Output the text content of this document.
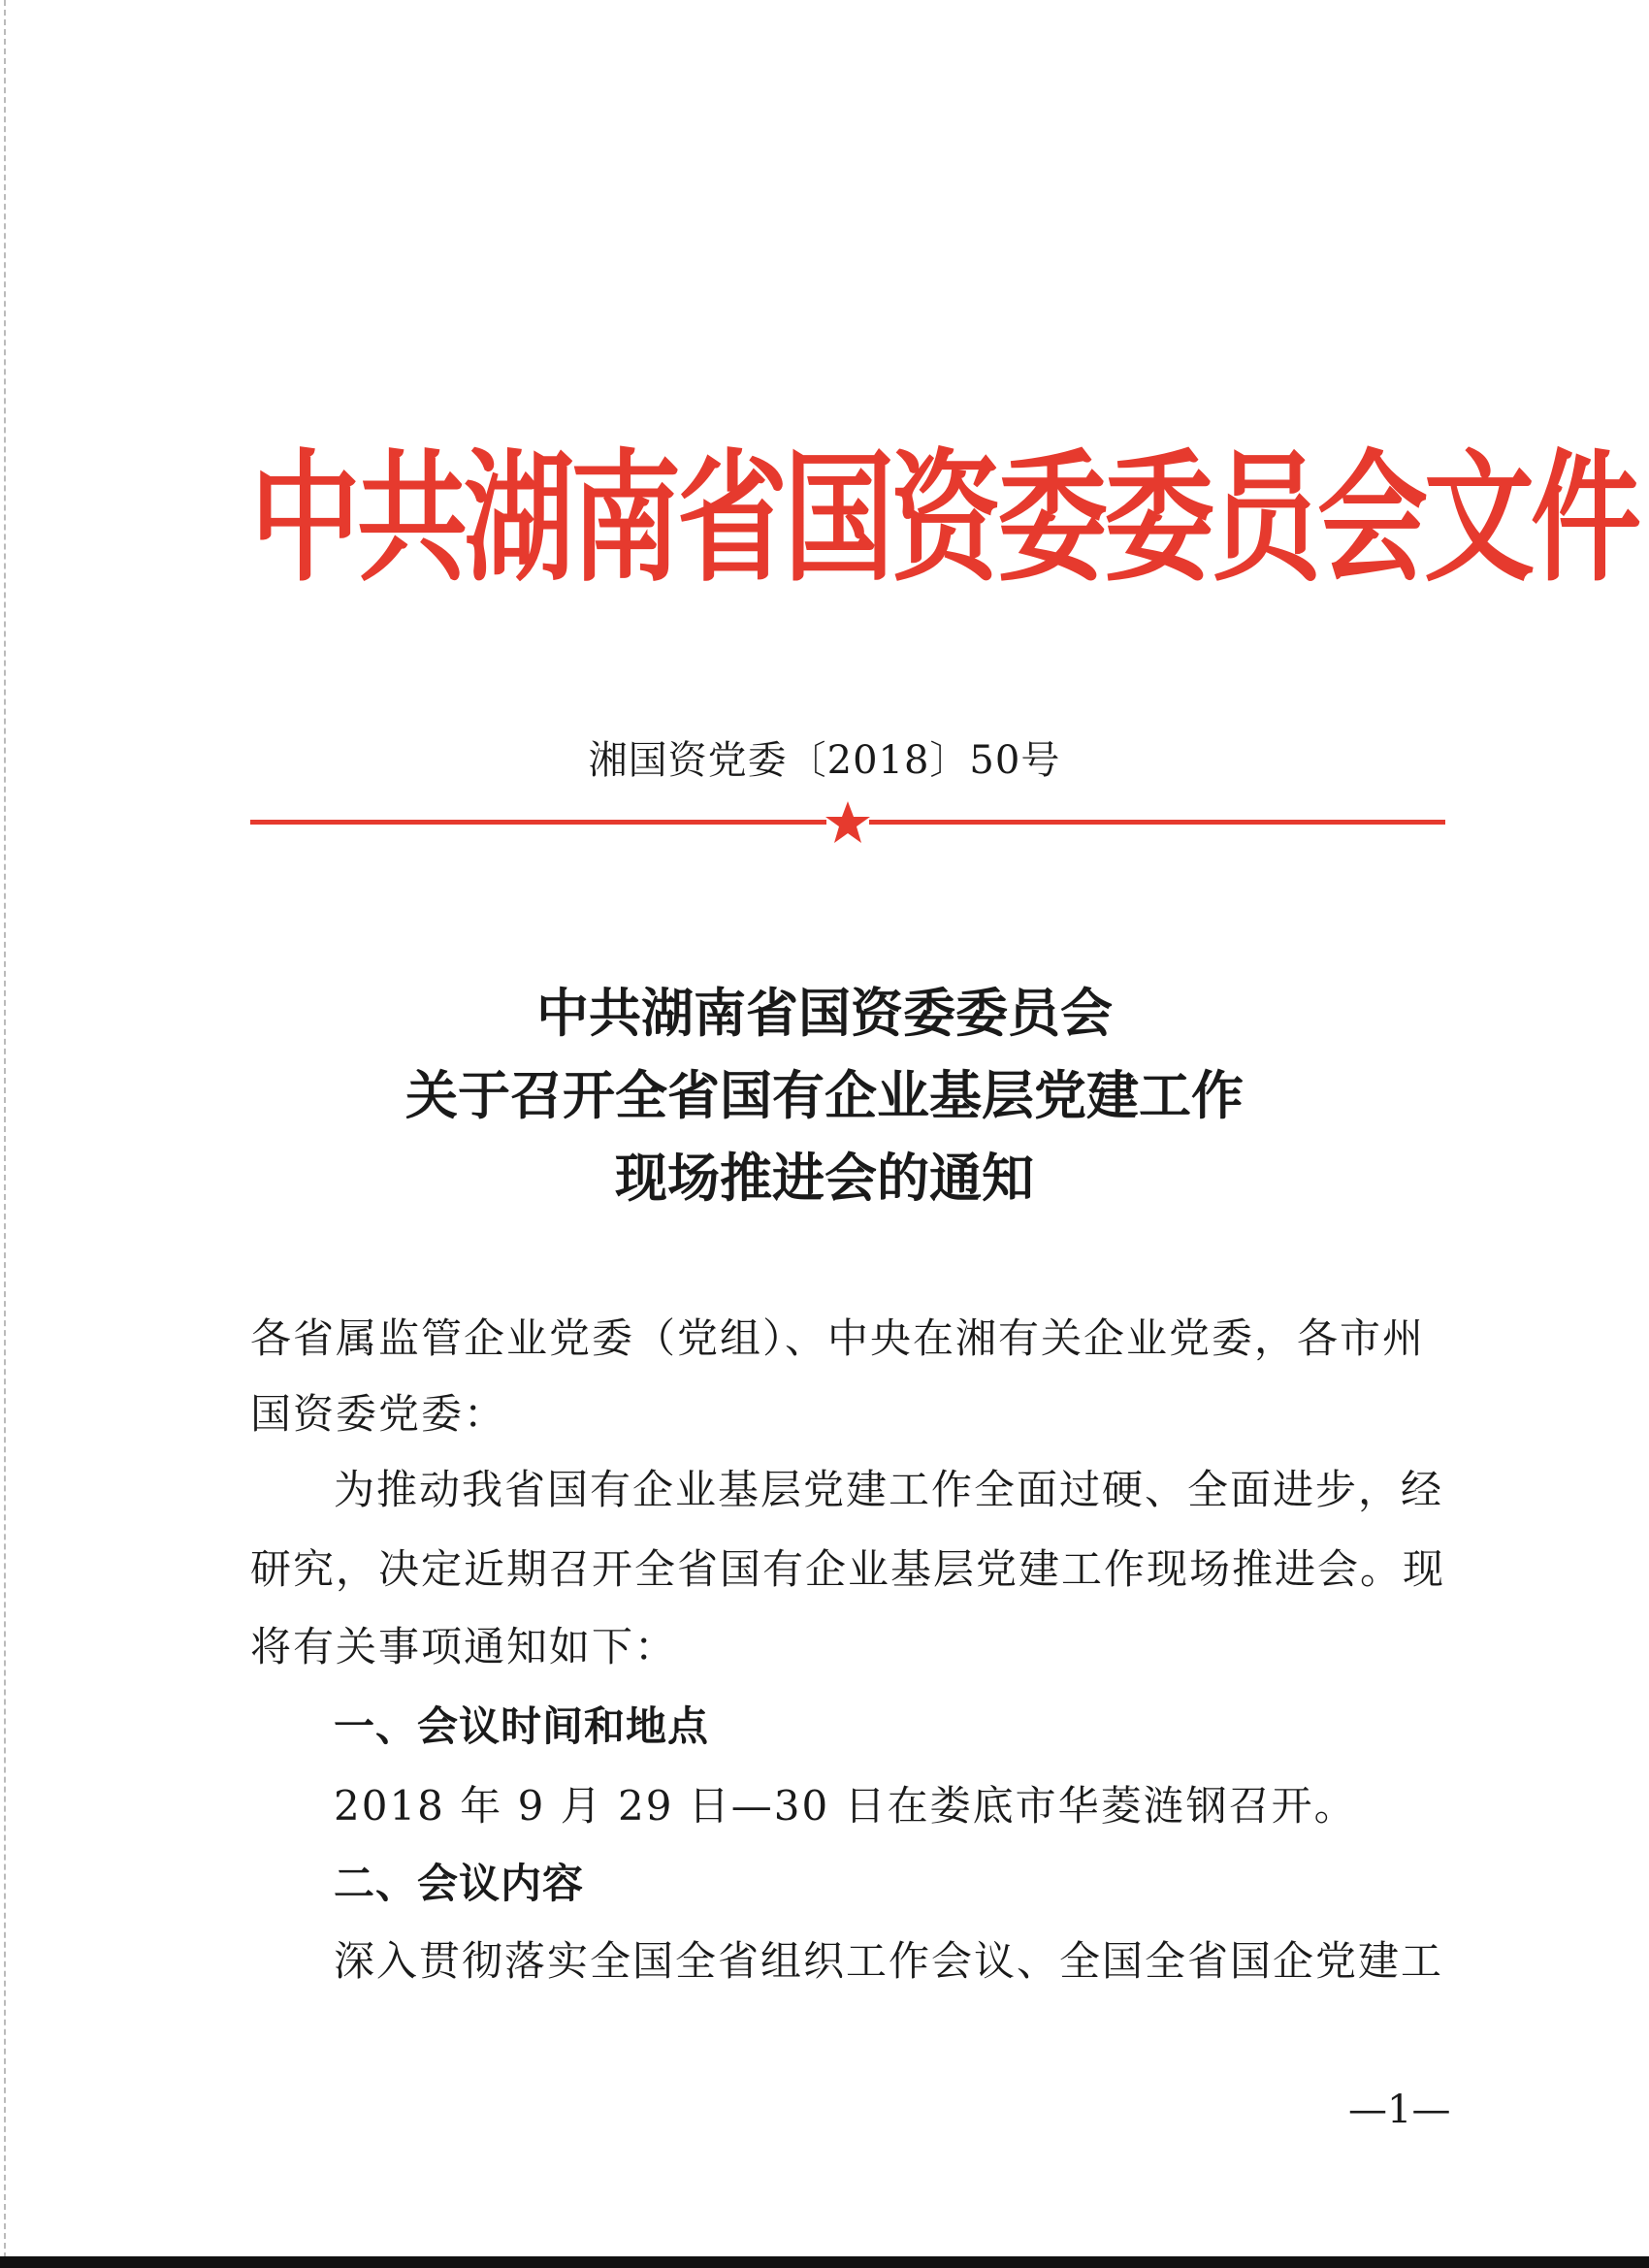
中共湖南省国资委委员会文件
湘国资党委〔2018〕50号
中共湖南省国资委委员会
关于召开全省国有企业基层党建工作
现场推进会的通知
各省属监管企业党委（党组）、中央在湘有关企业党委，各市州
国资委党委：
为推动我省国有企业基层党建工作全面过硬、全面进步，经
研究，决定近期召开全省国有企业基层党建工作现场推进会。现
将有关事项通知如下：
一、会议时间和地点
2018 年 9 月 29 日—30 日在娄底市华菱涟钢召开。
二、会议内容
深入贯彻落实全国全省组织工作会议、全国全省国企党建工
—1—
